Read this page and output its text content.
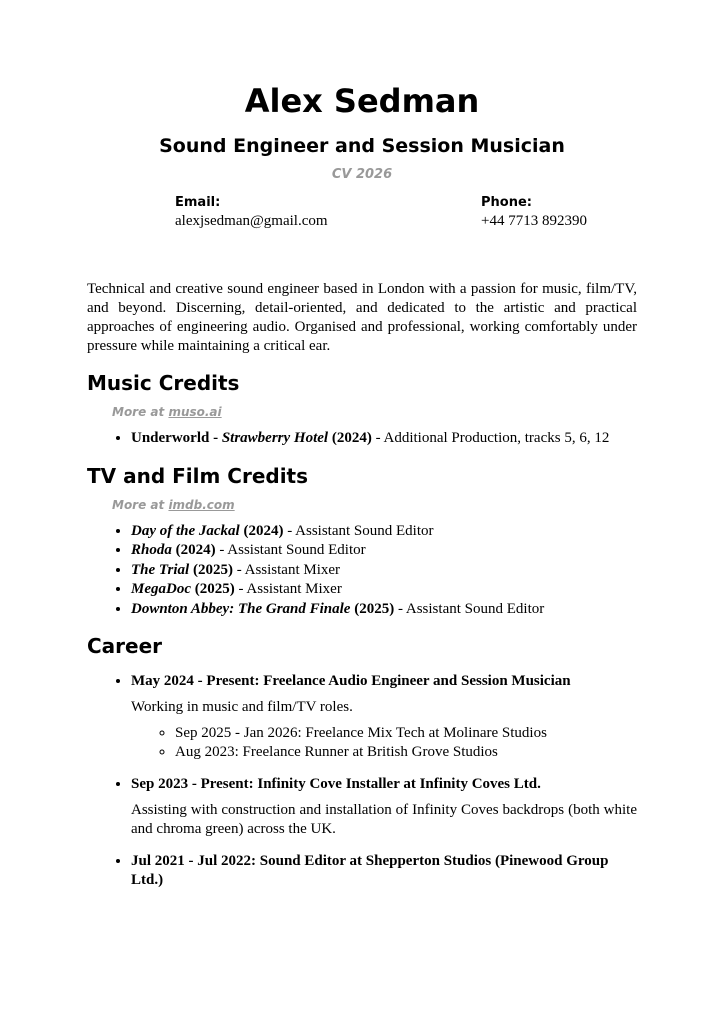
Alex Sedman
Sound Engineer and Session Musician
CV 2026
Email:
alexjsedman@gmail.com
Phone:
+44 7713 892390

Technical and creative sound engineer based in London with a passion for music, film/TV, and beyond. Discerning, detail-oriented, and dedicated to the artistic and practical approaches of engineering audio. Organised and professional, working comfortably under pressure while maintaining a critical ear.

Music Credits
More at muso.ai
• Underworld - Strawberry Hotel (2024) - Additional Production, tracks 5, 6, 12
TV and Film Credits
More at imdb.com
• Day of the Jackal (2024) - Assistant Sound Editor
• Rhoda (2024) - Assistant Sound Editor
• The Trial (2025) - Assistant Mixer
• MegaDoc (2025) - Assistant Mixer
• Downton Abbey: The Grand Finale (2025) - Assistant Sound Editor
Career
• May 2024 - Present: Freelance Audio Engineer and Session Musician
Working in music and film/TV roles.
◦ Sep 2025 - Jan 2026: Freelance Mix Tech at Molinare Studios
◦ Aug 2023: Freelance Runner at British Grove Studios
• Sep 2023 - Present: Infinity Cove Installer at Infinity Coves Ltd.
Assisting with construction and installation of Infinity Coves backdrops (both white and chroma green) across the UK.
• Jul 2021 - Jul 2022: Sound Editor at Shepperton Studios (Pinewood Group Ltd.)
